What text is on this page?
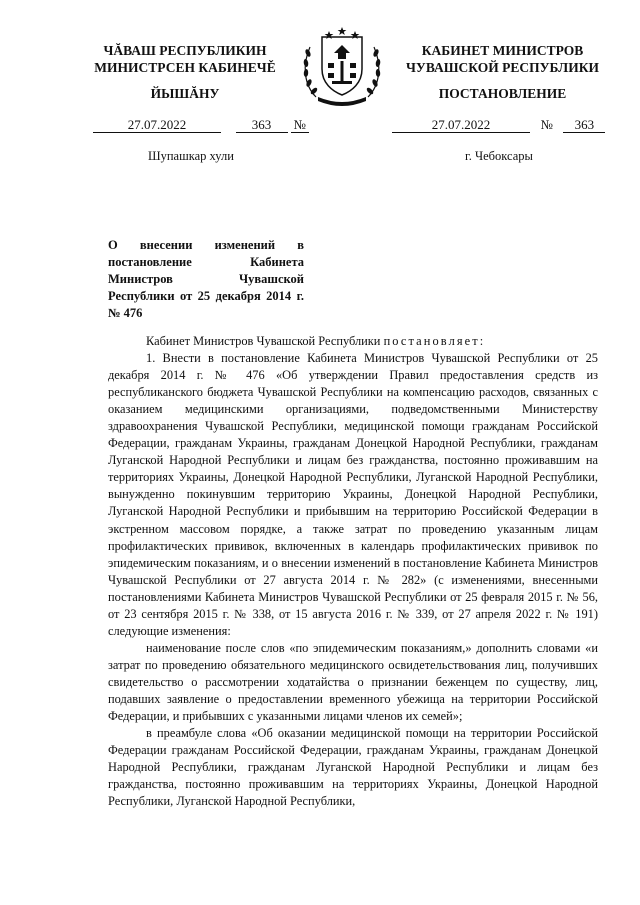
ЧĂВАШ РЕСПУБЛИКИН
МИНИСТРСЕН КАБИНЕЧĚ
ЙЫШĂНУ
КАБИНЕТ МИНИСТРОВ
ЧУВАШСКОЙ РЕСПУБЛИКИ
ПОСТАНОВЛЕНИЕ
27.07.2022	363 №	27.07.2022	№ 363
Шупашкар хули	г. Чебоксары
О внесении изменений в постановление Кабинета Министров Чувашской Республики от 25 декабря 2014 г. № 476

Кабинет Министров Чувашской Республики постановляет:

1. Внести в постановление Кабинета Министров Чувашской Республики от 25 декабря 2014 г. № 476 «Об утверждении Правил предоставления средств из республиканского бюджета Чувашской Республики на компенсацию расходов, связанных с оказанием медицинскими организациями, подведомственными Министерству здравоохранения Чувашской Республики, медицинской помощи гражданам Российской Федерации, гражданам Украины, гражданам Донецкой Народной Республики, гражданам Луганской Народной Республики и лицам без гражданства, постоянно проживавшим на территориях Украины, Донецкой Народной Республики, Луганской Народной Республики, вынужденно покинувшим территорию Украины, Донецкой Народной Республики, Луганской Народной Республики и прибывшим на территорию Российской Федерации в экстренном массовом порядке, а также затрат по проведению указанным лицам профилактических прививок, включенных в календарь профилактических прививок по эпидемическим показаниям, и о внесении изменений в постановление Кабинета Министров Чувашской Республики от 27 августа 2014 г. № 282» (с изменениями, внесенными постановлениями Кабинета Министров Чувашской Республики от 25 февраля 2015 г. № 56, от 23 сентября 2015 г. № 338, от 15 августа 2016 г. № 339, от 27 апреля 2022 г. № 191) следующие изменения:

наименование после слов «по эпидемическим показаниям,» дополнить словами «и затрат по проведению обязательного медицинского освидетельствования лиц, получивших свидетельство о рассмотрении ходатайства о признании беженцем по существу, лиц, подавших заявление о предоставлении временного убежища на территории Российской Федерации, и прибывших с указанными лицами членов их семей»;

в преамбуле слова «Об оказании медицинской помощи на территории Российской Федерации гражданам Российской Федерации, гражданам Украины, гражданам Донецкой Народной Республики, гражданам Луганской Народной Республики и лицам без гражданства, постоянно проживавшим на территориях Украины, Донецкой Народной Республики, Луганской Народной Республики,
